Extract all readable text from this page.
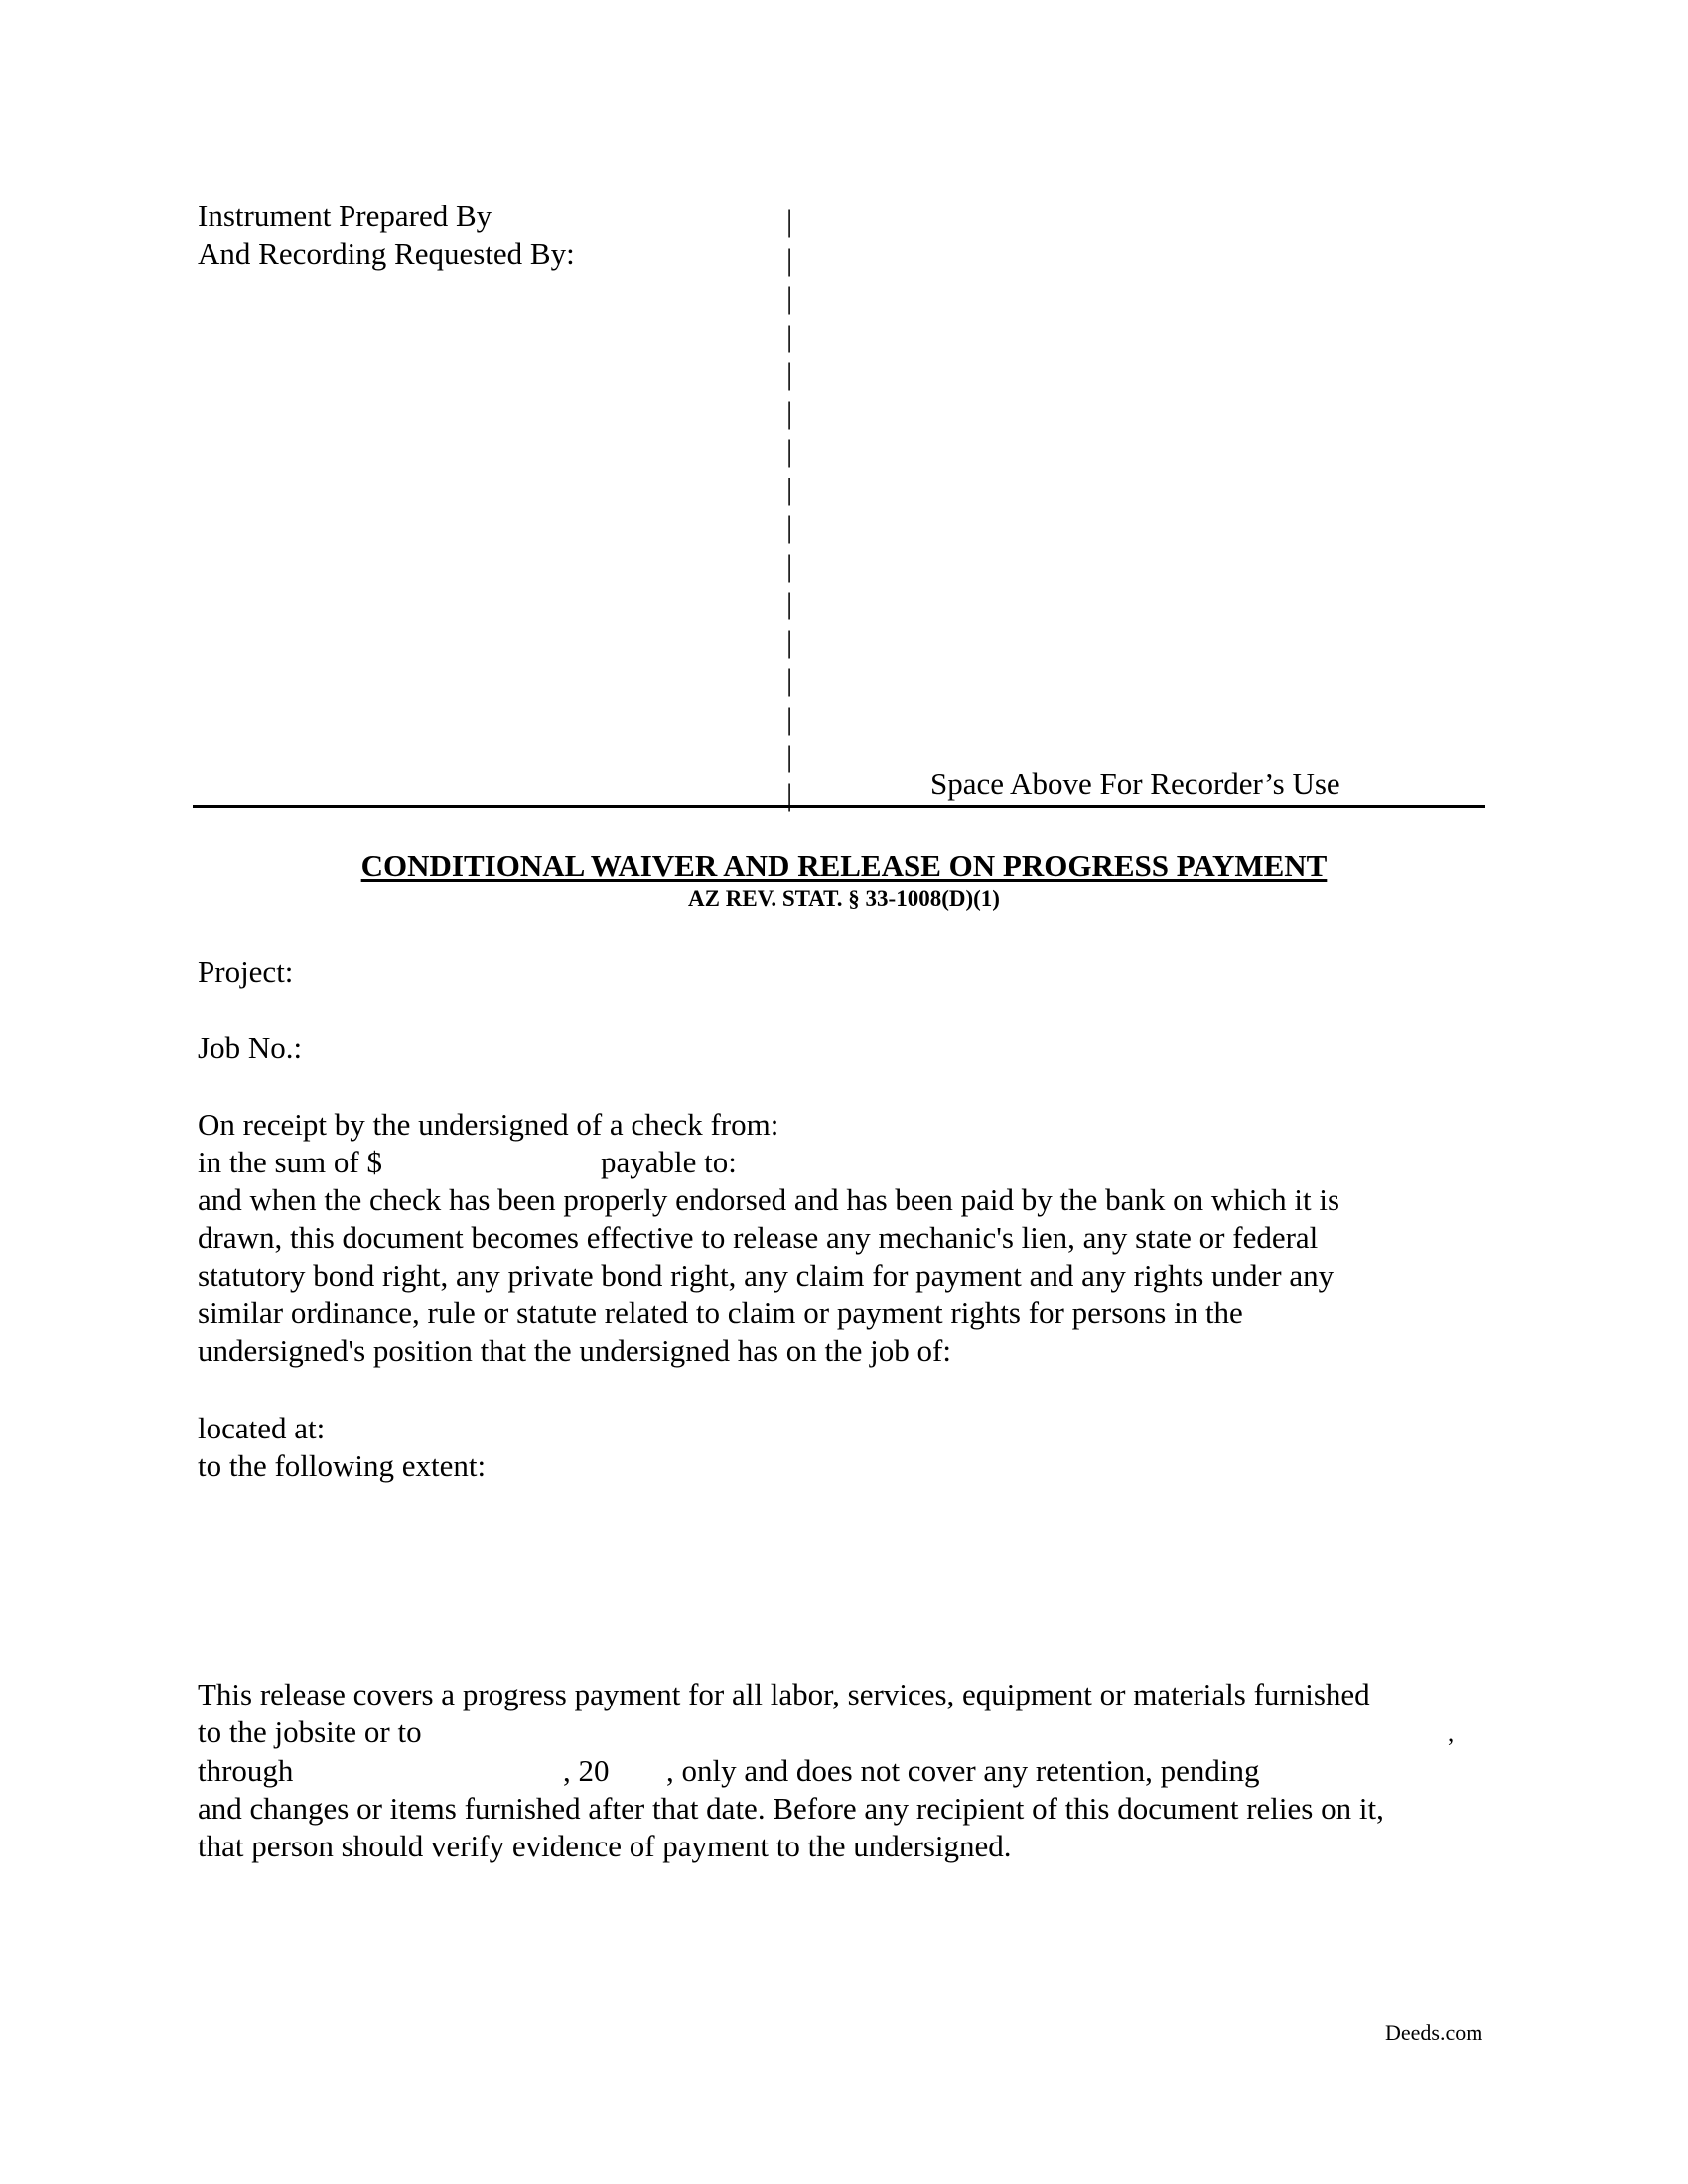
Instrument Prepared By
And Recording Requested By:
|
|
|
|
|
|
|
|
|
|
|
|
|
|
|
|	Space Above For Recorder’s Use
CONDITIONAL WAIVER AND RELEASE ON PROGRESS PAYMENT
AZ REV. STAT. § 33-1008(D)(1)
Project:
Job No.:
On receipt by the undersigned of a check from:
in the sum of $	payable to:
and when the check has been properly endorsed and has been paid by the bank on which it is
drawn, this document becomes effective to release any mechanic's lien, any state or federal
statutory bond right, any private bond right, any claim for payment and any rights under any
similar ordinance, rule or statute related to claim or payment rights for persons in the
undersigned's position that the undersigned has on the job of:
located at:
to the following extent:
This release covers a progress payment for all labor, services, equipment or materials furnished
to the jobsite or to	,
through	, 20 , only and does not cover any retention, pending
and changes or items furnished after that date. Before any recipient of this document relies on it,
that person should verify evidence of payment to the undersigned.
Deeds.com
